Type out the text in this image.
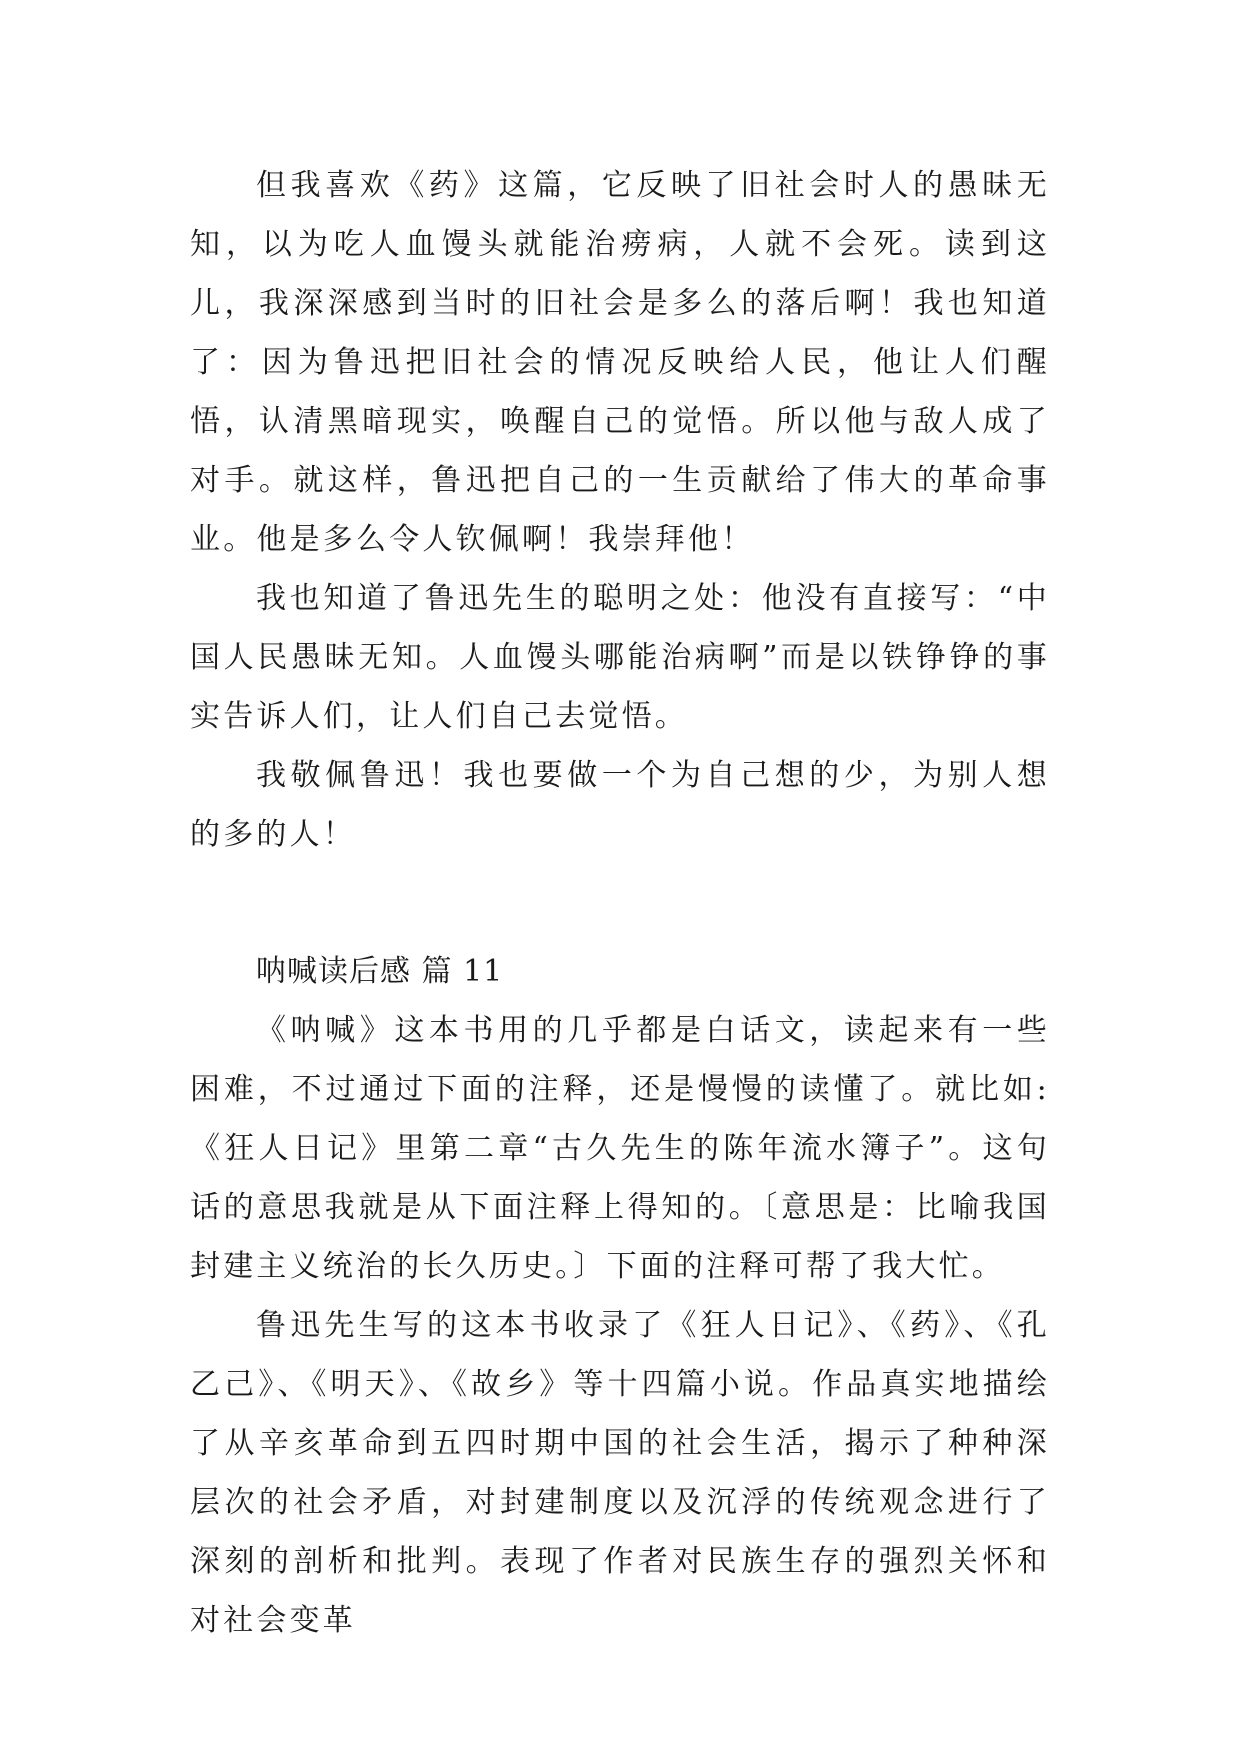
但我喜欢《药》这篇，它反映了旧社会时人的愚昧无知，以为吃人血馒头就能治痨病，人就不会死。读到这儿，我深深感到当时的旧社会是多么的落后啊！我也知道了：因为鲁迅把旧社会的情况反映给人民，他让人们醒悟，认清黑暗现实，唤醒自己的觉悟。所以他与敌人成了对手。就这样，鲁迅把自己的一生贡献给了伟大的革命事业。他是多么令人钦佩啊！我崇拜他！

我也知道了鲁迅先生的聪明之处：他没有直接写：“中国人民愚昧无知。人血馒头哪能治病啊”而是以铁铮铮的事实告诉人们，让人们自己去觉悟。

我敬佩鲁迅！我也要做一个为自己想的少，为别人想的多的人！

呐喊读后感 篇 11

《呐喊》这本书用的几乎都是白话文，读起来有一些困难，不过通过下面的注释，还是慢慢的读懂了。就比如:《狂人日记》里第二章“古久先生的陈年流水簿子”。这句话的意思我就是从下面注释上得知的。〔意思是：比喻我国封建主义统治的长久历史。〕下面的注释可帮了我大忙。

鲁迅先生写的这本书收录了《狂人日记》、《药》、《孔乙己》、《明天》、《故乡》等十四篇小说。作品真实地描绘了从辛亥革命到五四时期中国的社会生活，揭示了种种深层次的社会矛盾，对封建制度以及沉浮的传统观念进行了深刻的剖析和批判。表现了作者对民族生存的强烈关怀和对社会变革
